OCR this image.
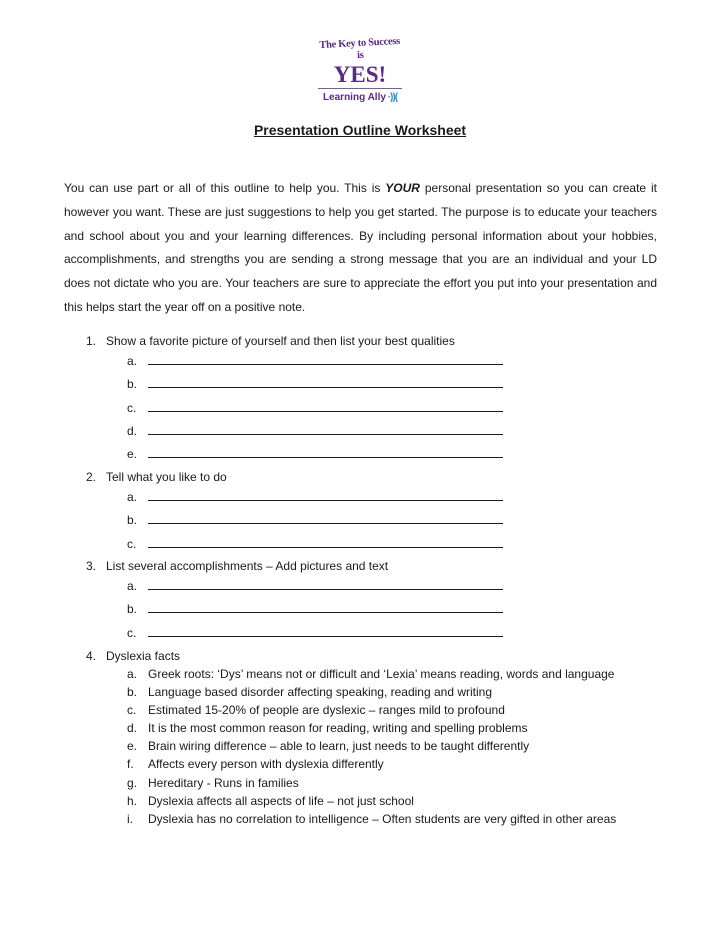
The Key to Success is
YES!
Learning Ally ·))(
Presentation Outline Worksheet
You can use part or all of this outline to help you. This is YOUR personal presentation so you can create it however you want. These are just suggestions to help you get started. The purpose is to educate your teachers and school about you and your learning differences. By including personal information about your hobbies, accomplishments, and strengths you are sending a strong message that you are an individual and your LD does not dictate who you are. Your teachers are sure to appreciate the effort you put into your presentation and this helps start the year off on a positive note.
1. Show a favorite picture of yourself and then list your best qualities
a.
b.
c.
d.
e.
2. Tell what you like to do
a.
b.
c.
3. List several accomplishments – Add pictures and text
a.
b.
c.
4. Dyslexia facts
a. Greek roots: ‘Dys’ means not or difficult and ‘Lexia’ means reading, words and language
b. Language based disorder affecting speaking, reading and writing
c. Estimated 15-20% of people are dyslexic – ranges mild to profound
d. It is the most common reason for reading, writing and spelling problems
e. Brain wiring difference – able to learn, just needs to be taught differently
f. Affects every person with dyslexia differently
g. Hereditary - Runs in families
h. Dyslexia affects all aspects of life – not just school
i. Dyslexia has no correlation to intelligence – Often students are very gifted in other areas
